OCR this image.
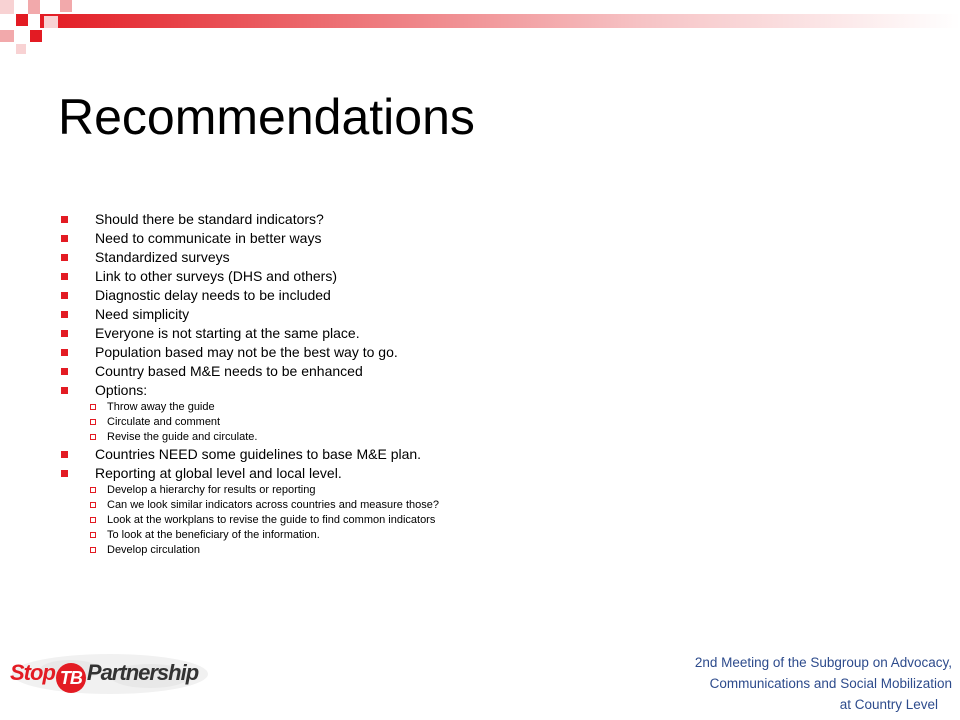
Recommendations
Should there be standard indicators?
Need to communicate in better ways
Standardized surveys
Link to other surveys (DHS and others)
Diagnostic delay needs to be included
Need simplicity
Everyone is not starting at the same place.
Population based may not be the best way to go.
Country based M&E needs to be enhanced
Options:
Throw away the guide
Circulate and comment
Revise the guide and circulate.
Countries NEED some guidelines to base M&E plan.
Reporting at global level and local level.
Develop a hierarchy for results or reporting
Can we look similar indicators across countries and measure those?
Look at the workplans to revise the guide to find common indicators
To look at the beneficiary of the information.
Develop circulation
Stop TB Partnership	2nd Meeting of the Subgroup on Advocacy,
Communications and Social Mobilization
at Country Level
